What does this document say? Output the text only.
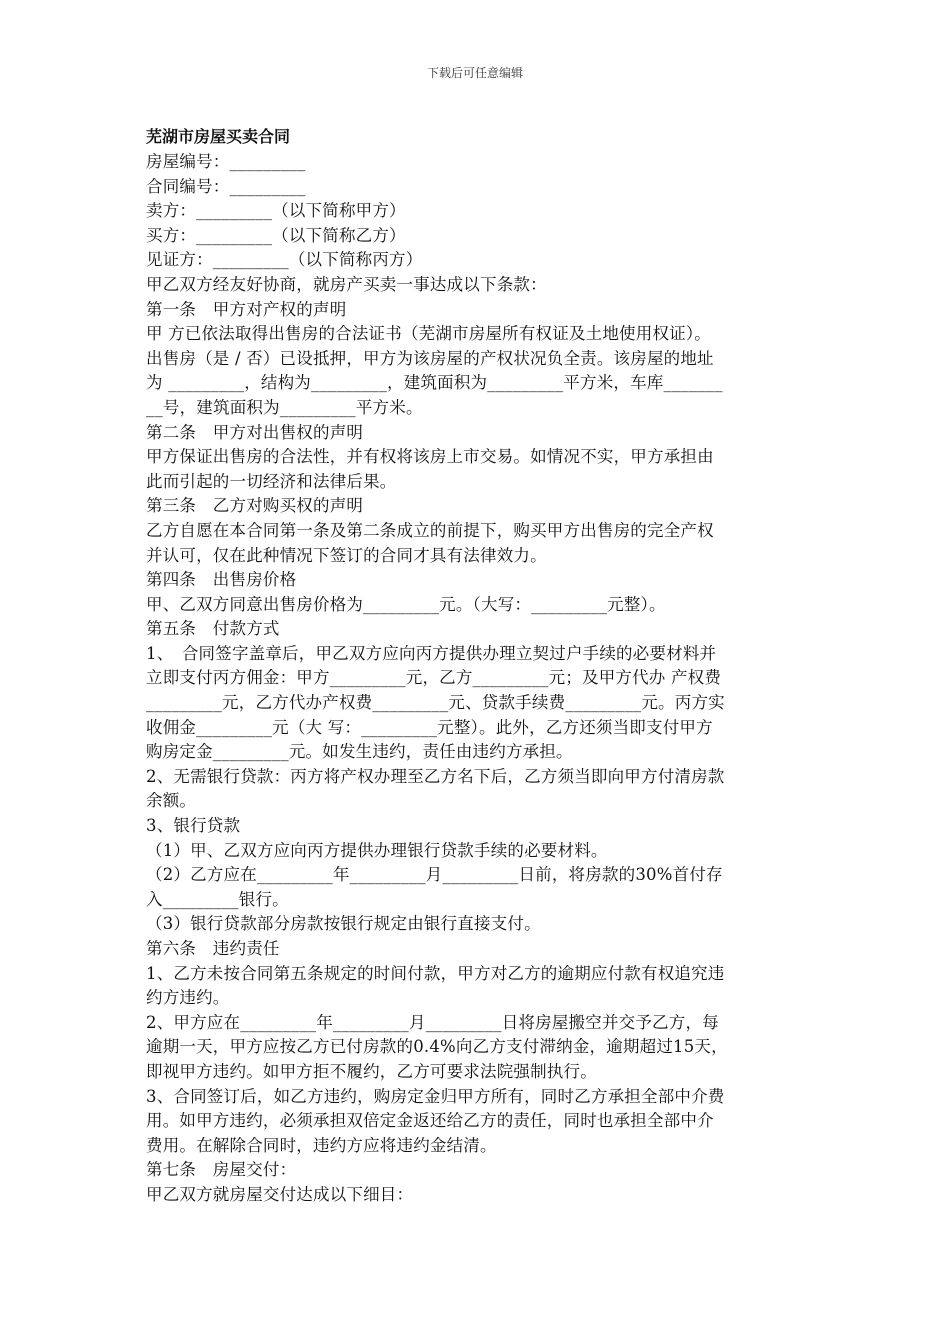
下载后可任意编辑

芜湖市房屋买卖合同

房屋编号：_________

合同编号：_________

卖方：_________（以下简称甲方）

买方：_________（以下简称乙方）

见证方：_________（以下简称丙方）

甲乙双方经友好协商，就房产买卖一事达成以下条款：

第一条　甲方对产权的声明

甲 方已依法取得出售房的合法证书（芜湖市房屋所有权证及土地使用权证）。

出售房（是 / 否）已设抵押，甲方为该房屋的产权状况负全责。该房屋的地址

为 _________，结构为_________，建筑面积为_________平方米，车库_______

__号，建筑面积为_________平方米。

第二条　甲方对出售权的声明

甲方保证出售房的合法性，并有权将该房上市交易。如情况不实，甲方承担由

此而引起的一切经济和法律后果。

第三条　乙方对购买权的声明

乙方自愿在本合同第一条及第二条成立的前提下，购买甲方出售房的完全产权

并认可，仅在此种情况下签订的合同才具有法律效力。

第四条　出售房价格

甲、乙双方同意出售房价格为_________元。（大写：_________元整）。

第五条　付款方式

1、　合同签字盖章后，甲乙双方应向丙方提供办理立契过户手续的必要材料并

立即支付丙方佣金：甲方_________元，乙方_________元；及甲方代办 产权费

_________元，乙方代办产权费_________元、贷款手续费_________元。丙方实

收佣金_________元（大 写：_________元整）。此外，乙方还须当即支付甲方

购房定金_________元。如发生违约，责任由违约方承担。

2、无需银行贷款：丙方将产权办理至乙方名下后，乙方须当即向甲方付清房款

余额。

3、银行贷款

（1）甲、乙双方应向丙方提供办理银行贷款手续的必要材料。

（2）乙方应在_________年_________月_________日前，将房款的30%首付存

入_________银行。

（3）银行贷款部分房款按银行规定由银行直接支付。

第六条　违约责任

1、乙方未按合同第五条规定的时间付款，甲方对乙方的逾期应付款有权追究违

约方违约。

2、甲方应在_________年_________月_________日将房屋搬空并交予乙方，每

逾期一天，甲方应按乙方已付房款的0.4%向乙方支付滞纳金，逾期超过15天，

即视甲方违约。如甲方拒不履约，乙方可要求法院强制执行。

3、合同签订后，如乙方违约，购房定金归甲方所有，同时乙方承担全部中介费

用。如甲方违约，必须承担双倍定金返还给乙方的责任，同时也承担全部中介

费用。在解除合同时，违约方应将违约金结清。

第七条　房屋交付：

甲乙双方就房屋交付达成以下细目：
